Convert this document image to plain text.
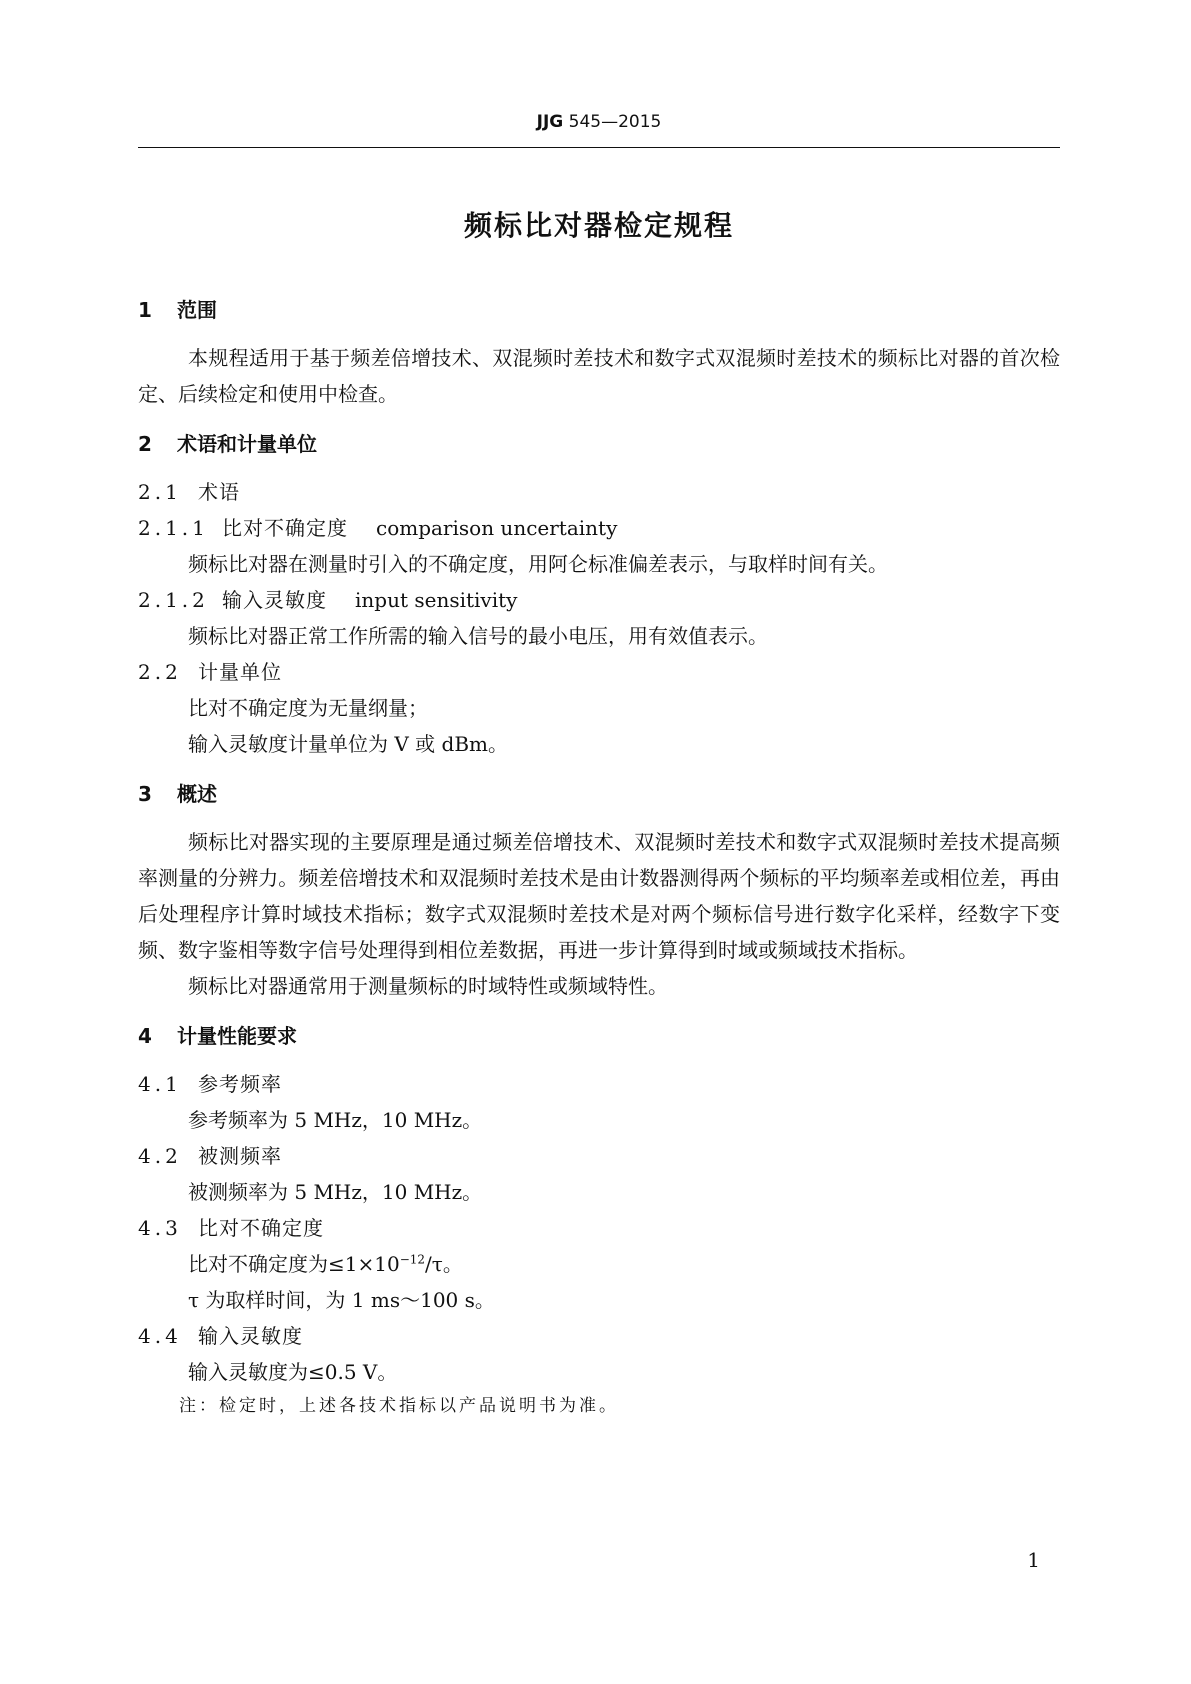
JJG 545—2015
频标比对器检定规程
1 范围

本规程适用于基于频差倍增技术、双混频时差技术和数字式双混频时差技术的频标比对器的首次检定、后续检定和使用中检查。

2 术语和计量单位
2.1 术语
2.1.1 比对不确定度 comparison uncertainty

频标比对器在测量时引入的不确定度，用阿仑标准偏差表示，与取样时间有关。

2.1.2 输入灵敏度 input sensitivity

频标比对器正常工作所需的输入信号的最小电压，用有效值表示。

2.2 计量单位

比对不确定度为无量纲量；

输入灵敏度计量单位为 V 或 dBm。

3 概述

频标比对器实现的主要原理是通过频差倍增技术、双混频时差技术和数字式双混频时差技术提高频率测量的分辨力。频差倍增技术和双混频时差技术是由计数器测得两个频标的平均频率差或相位差，再由后处理程序计算时域技术指标；数字式双混频时差技术是对两个频标信号进行数字化采样，经数字下变频、数字鉴相等数字信号处理得到相位差数据，再进一步计算得到时域或频域技术指标。

频标比对器通常用于测量频标的时域特性或频域特性。

4 计量性能要求
4.1 参考频率

参考频率为 5 MHz，10 MHz。

4.2 被测频率

被测频率为 5 MHz，10 MHz。

4.3 比对不确定度

比对不确定度为$\le 1\times 10^{-12}/\tau$。

τ 为取样时间，为 1 ms～100 s。

4.4 输入灵敏度

输入灵敏度为≤0.5 V。

注：检定时，上述各技术指标以产品说明书为准。

1
